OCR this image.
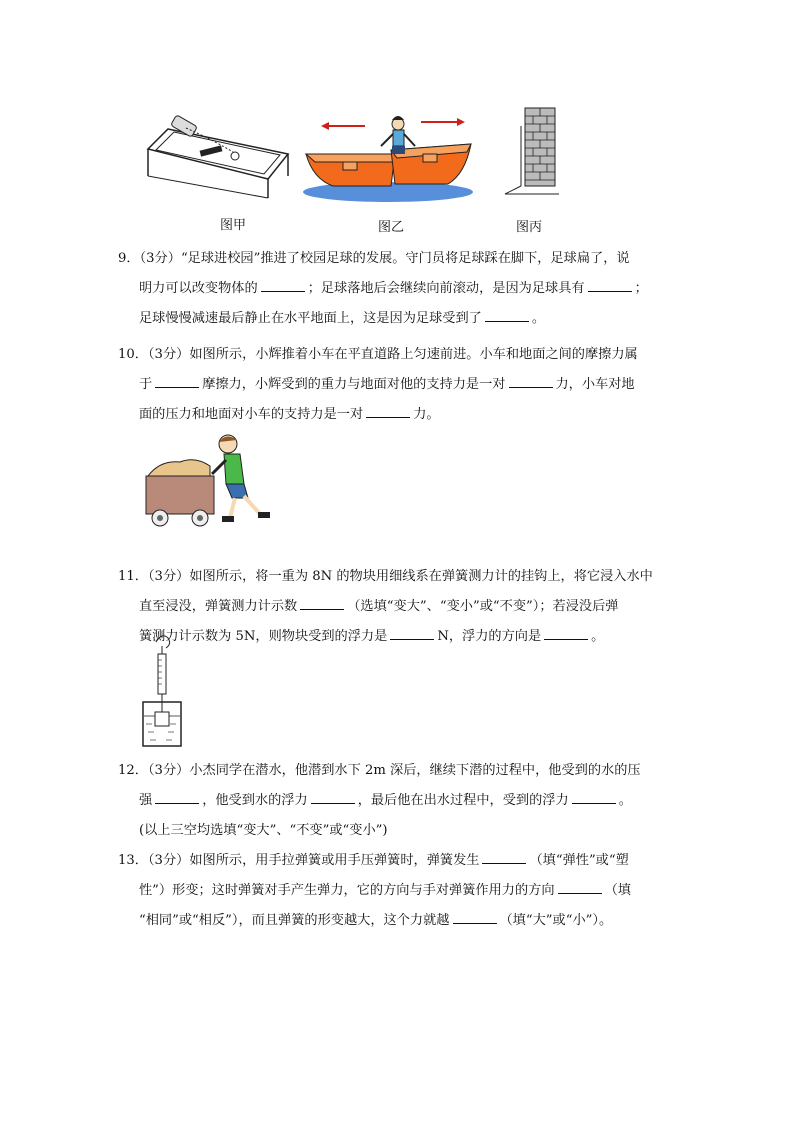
图甲	图乙	图丙
9．（3分）“足球进校园”推进了校园足球的发展。守门员将足球踩在脚下，足球扁了，说
明力可以改变物体的	；足球落地后会继续向前滚动，是因为足球具有	；
足球慢慢减速最后静止在水平地面上，这是因为足球受到了	。
10．（3分）如图所示，小辉推着小车在平直道路上匀速前进。小车和地面之间的摩擦力属
于	摩擦力，小辉受到的重力与地面对他的支持力是一对	力，小车对地
面的压力和地面对小车的支持力是一对	力。
11．（3分）如图所示，将一重为 8N 的物块用细线系在弹簧测力计的挂钩上，将它浸入水中
直至浸没，弹簧测力计示数	（选填“变大”、“变小”或“不变”）；若浸没后弹
簧测力计示数为 5N，则物块受到的浮力是	N，浮力的方向是	。
12．（3分）小杰同学在潜水，他潜到水下 2m 深后，继续下潜的过程中，他受到的水的压
强	，他受到水的浮力	，最后他在出水过程中，受到的浮力	。
(以上三空均选填“变大”、“不变”或“变小”)
13．（3分）如图所示，用手拉弹簧或用手压弹簧时，弹簧发生	（填“弹性”或“塑
性”）形变；这时弹簧对手产生弹力，它的方向与手对弹簧作用力的方向	（填
“相同”或“相反”），而且弹簧的形变越大，这个力就越	（填“大”或“小”）。
